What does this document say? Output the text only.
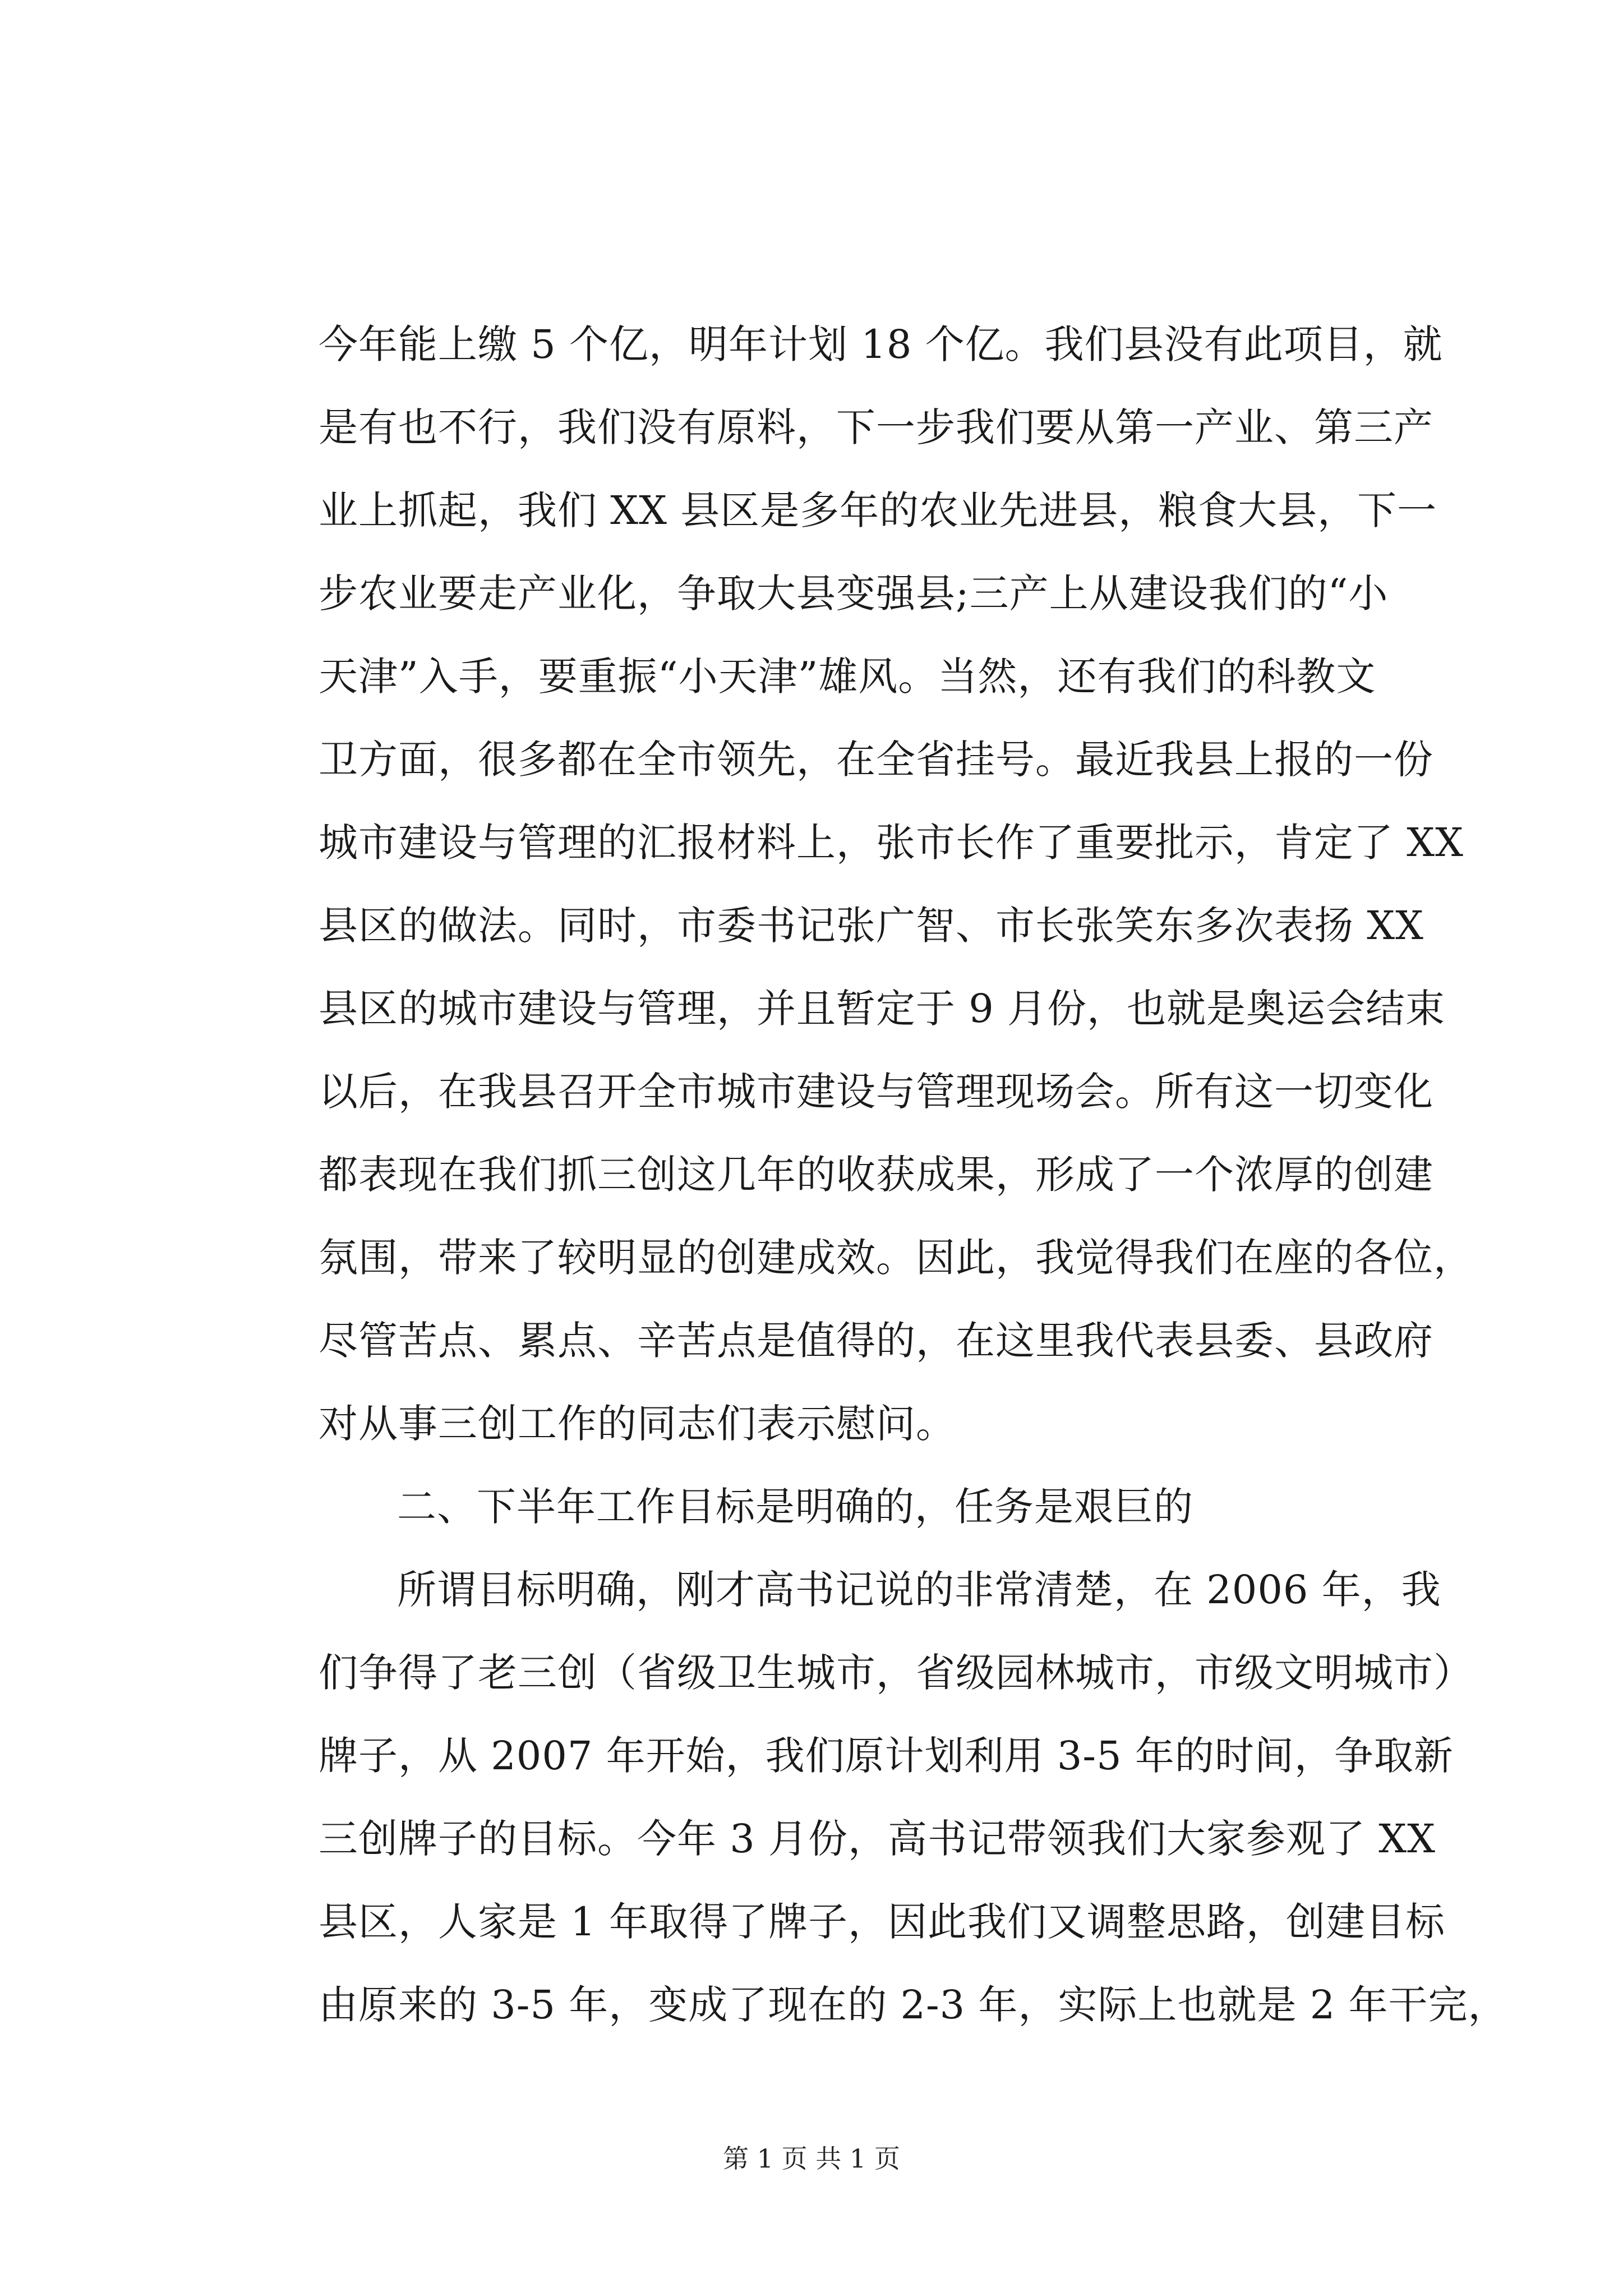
今年能上缴 5 个亿，明年计划 18 个亿。我们县没有此项目，就
是有也不行，我们没有原料，下一步我们要从第一产业、第三产
业上抓起，我们 XX 县区是多年的农业先进县，粮食大县，下一
步农业要走产业化，争取大县变强县;三产上从建设我们的“小
天津”入手，要重振“小天津”雄风。当然，还有我们的科教文
卫方面，很多都在全市领先，在全省挂号。最近我县上报的一份
城市建设与管理的汇报材料上，张市长作了重要批示，肯定了 XX
县区的做法。同时，市委书记张广智、市长张笑东多次表扬 XX
县区的城市建设与管理，并且暂定于 9 月份，也就是奥运会结束
以后，在我县召开全市城市建设与管理现场会。所有这一切变化
都表现在我们抓三创这几年的收获成果，形成了一个浓厚的创建
氛围，带来了较明显的创建成效。因此，我觉得我们在座的各位，
尽管苦点、累点、辛苦点是值得的，在这里我代表县委、县政府
对从事三创工作的同志们表示慰问。
二、下半年工作目标是明确的，任务是艰巨的
所谓目标明确，刚才高书记说的非常清楚，在 2006 年，我
们争得了老三创（省级卫生城市，省级园林城市，市级文明城市）
牌子，从 2007 年开始，我们原计划利用 3-5 年的时间，争取新
三创牌子的目标。今年 3 月份，高书记带领我们大家参观了 XX
县区，人家是 1 年取得了牌子，因此我们又调整思路，创建目标
由原来的 3-5 年，变成了现在的 2-3 年，实际上也就是 2 年干完，
第 1 页 共 1 页
